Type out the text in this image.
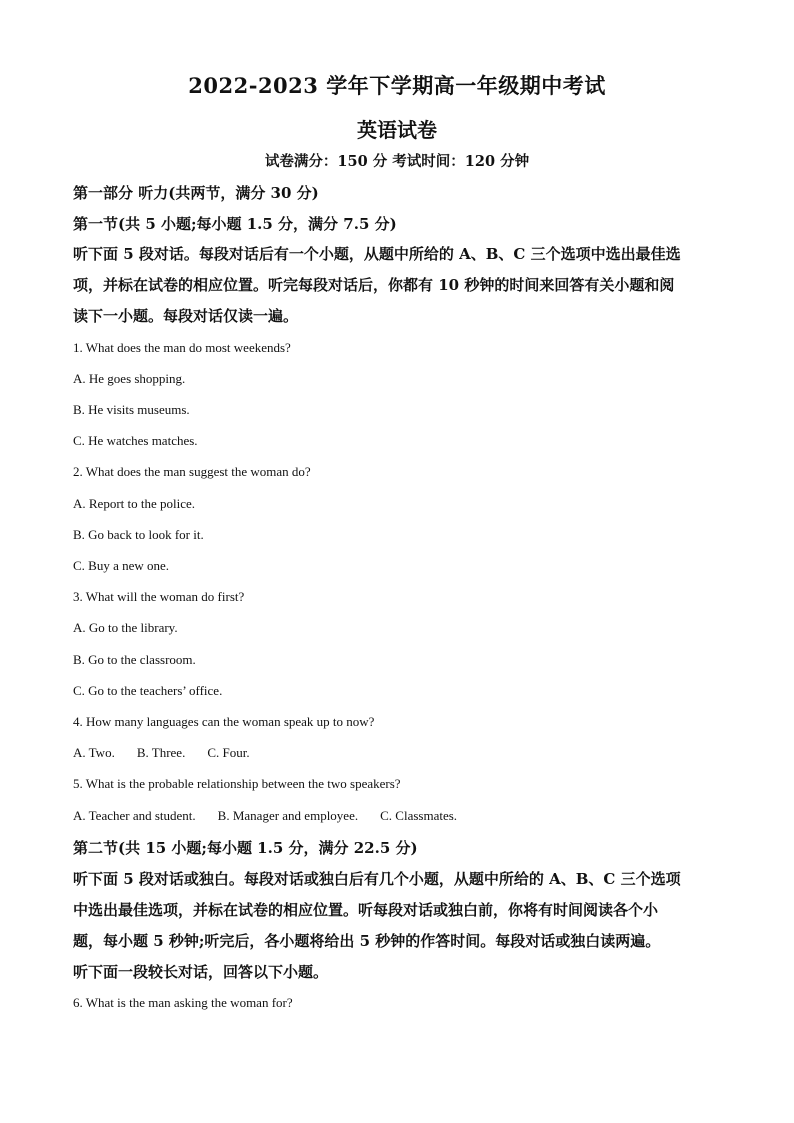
2022-2023 学年下学期高一年级期中考试
英语试卷
试卷满分：150 分 考试时间：120 分钟
第一部分 听力(共两节，满分 30 分)
第一节(共 5 小题;每小题 1.5 分，满分 7.5 分)
听下面 5 段对话。每段对话后有一个小题，从题中所给的 A、B、C 三个选项中选出最佳选
项，并标在试卷的相应位置。听完每段对话后，你都有 10 秒钟的时间来回答有关小题和阅
读下一小题。每段对话仅读一遍。
1. What does the man do most weekends?
A. He goes shopping.
B. He visits museums.
C. He watches matches.
2. What does the man suggest the woman do?
A. Report to the police.
B. Go back to look for it.
C. Buy a new one.
3. What will the woman do first?
A. Go to the library.
B. Go to the classroom.
C. Go to the teachers’ office.
4. How many languages can the woman speak up to now?
A. Two. B. Three. C. Four.
5. What is the probable relationship between the two speakers?
A. Teacher and student. B. Manager and employee. C. Classmates.
第二节(共 15 小题;每小题 1.5 分，满分 22.5 分)
听下面 5 段对话或独白。每段对话或独白后有几个小题，从题中所给的 A、B、C 三个选项
中选出最佳选项，并标在试卷的相应位置。听每段对话或独白前，你将有时间阅读各个小
题，每小题 5 秒钟;听完后，各小题将给出 5 秒钟的作答时间。每段对话或独白读两遍。
听下面一段较长对话，回答以下小题。
6. What is the man asking the woman for?
